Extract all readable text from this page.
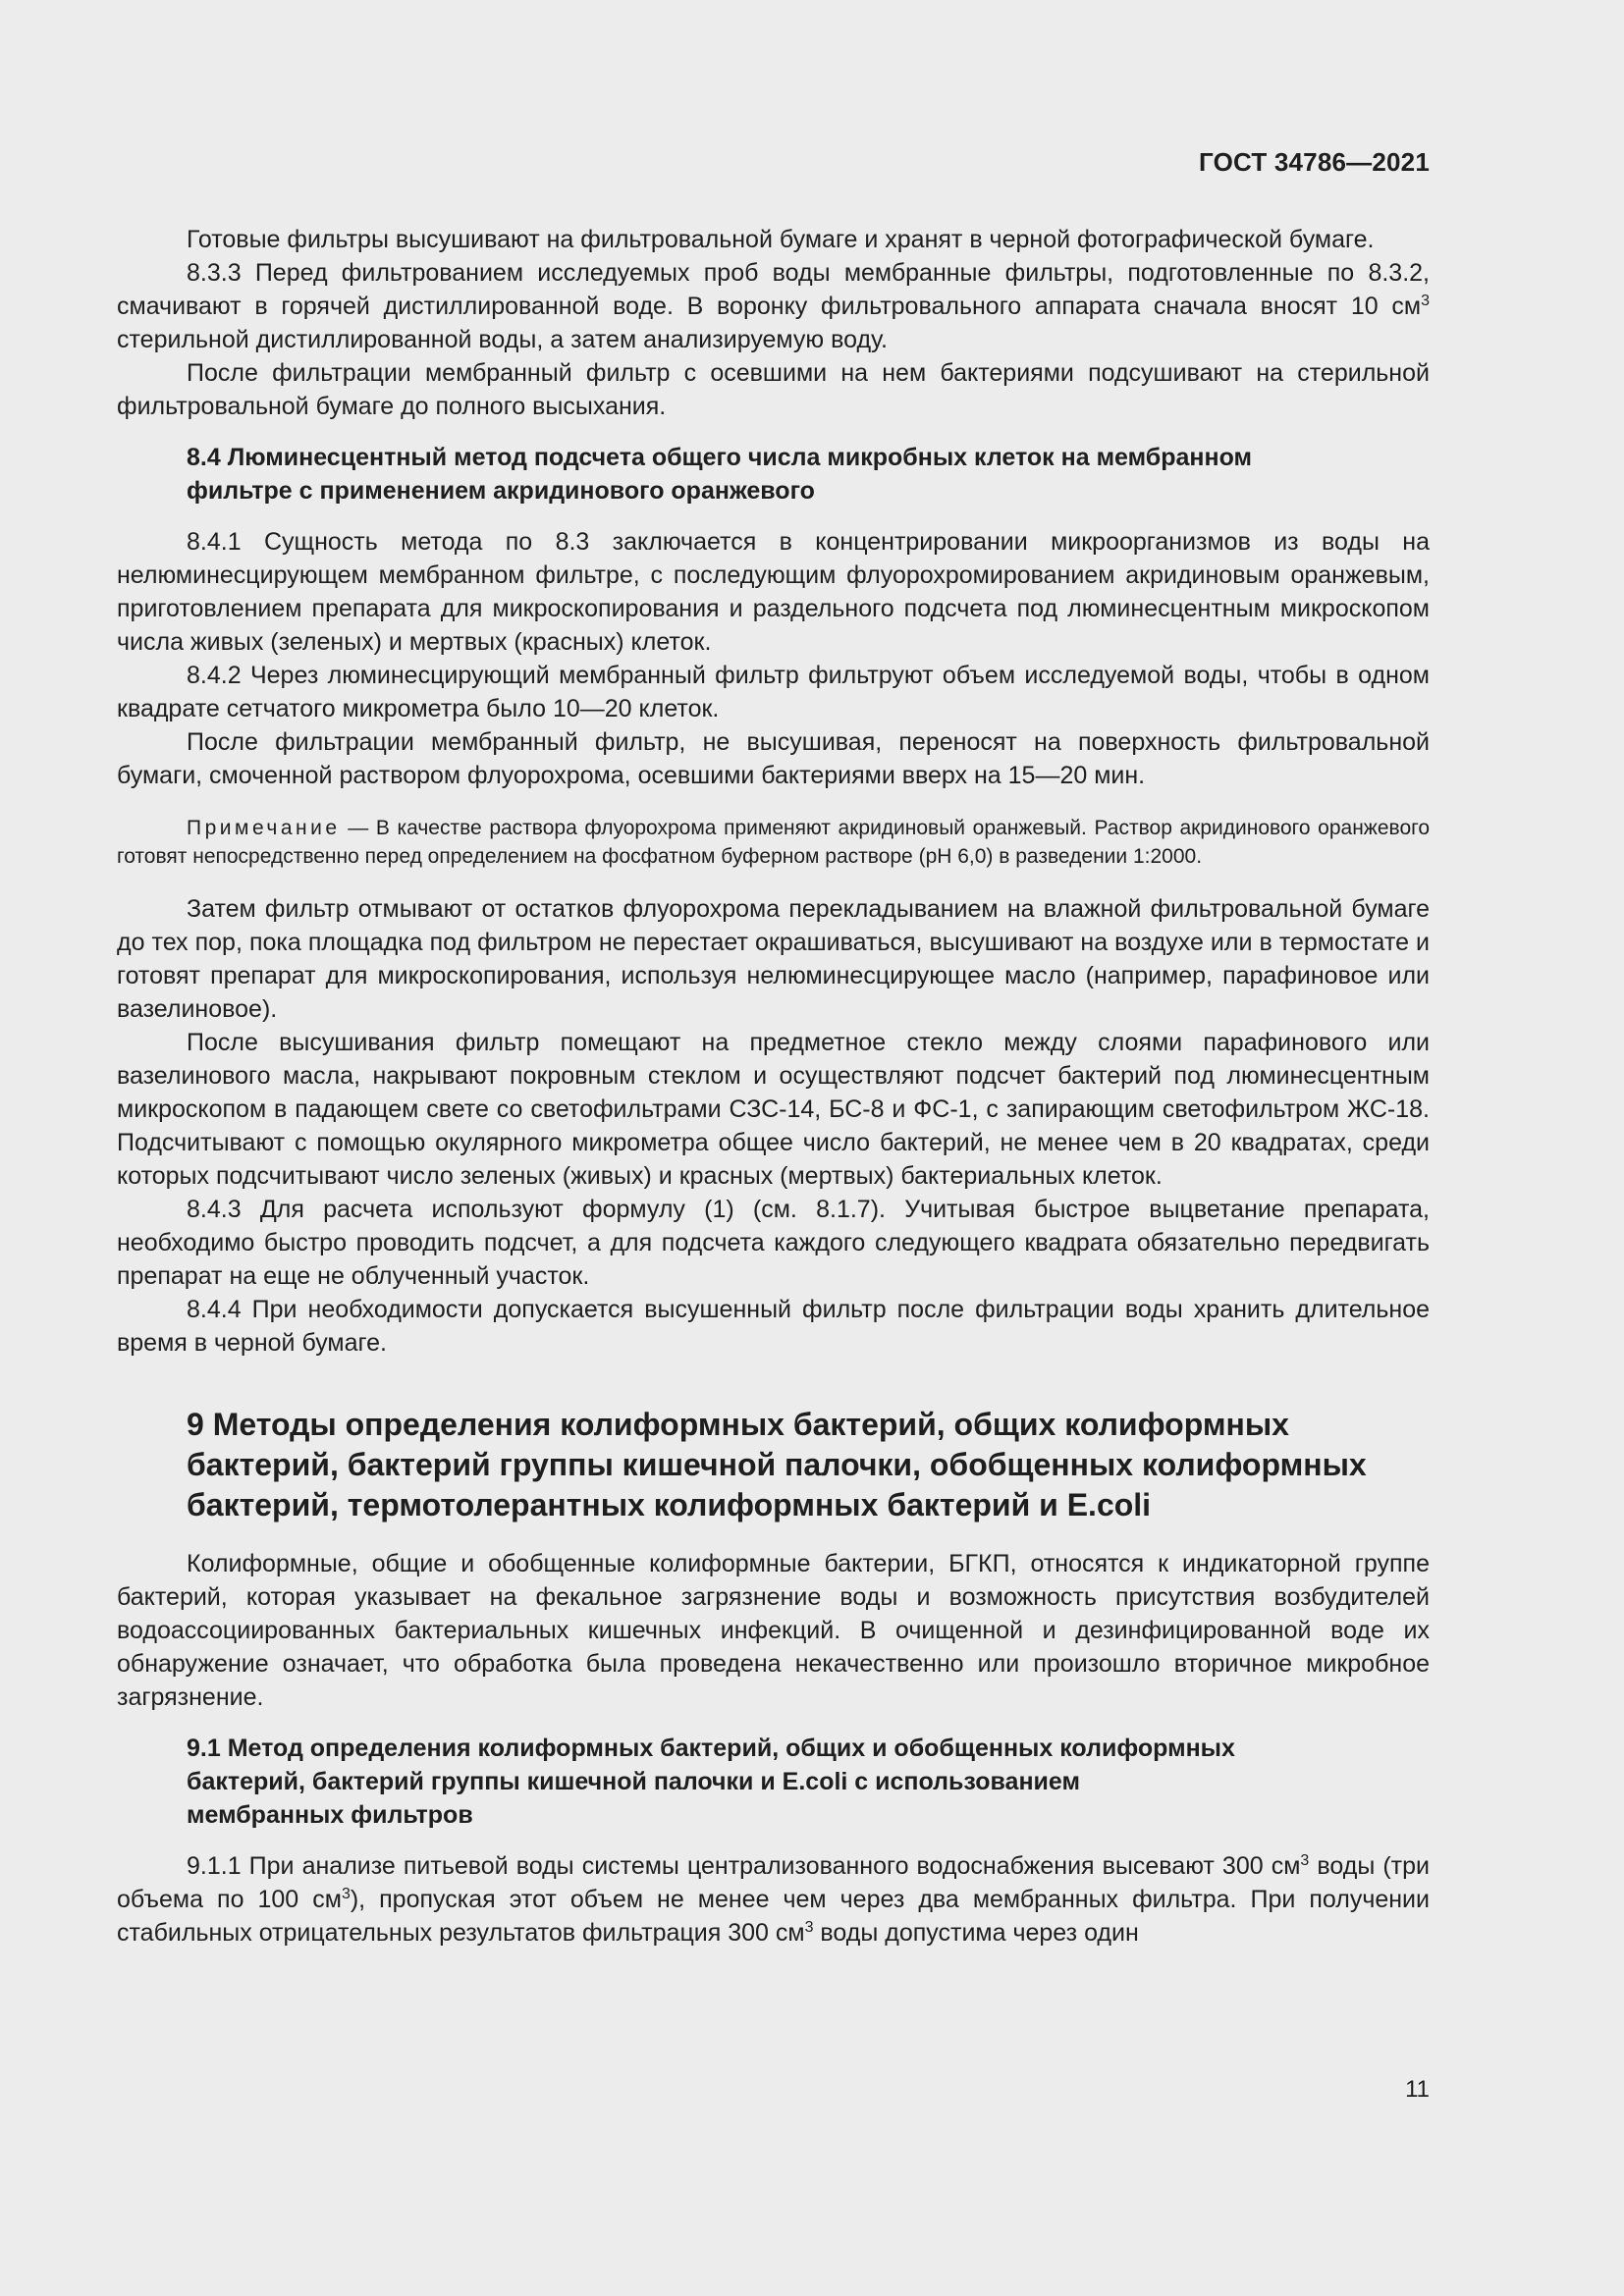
ГОСТ 34786—2021

Готовые фильтры высушивают на фильтровальной бумаге и хранят в черной фотографической бумаге.

8.3.3 Перед фильтрованием исследуемых проб воды мембранные фильтры, подготовленные по 8.3.2, смачивают в горячей дистиллированной воде. В воронку фильтровального аппарата сначала вносят 10 $см^3$ стерильной дистиллированной воды, а затем анализируемую воду.

После фильтрации мембранный фильтр с осевшими на нем бактериями подсушивают на стерильной фильтровальной бумаге до полного высыхания.

8.4 Люминесцентный метод подсчета общего числа микробных клеток на мембранном
фильтре с применением акридинового оранжевого

8.4.1 Сущность метода по 8.3 заключается в концентрировании микроорганизмов из воды на нелюминесцирующем мембранном фильтре, с последующим флуорохромированием акридиновым оранжевым, приготовлением препарата для микроскопирования и раздельного подсчета под люминесцентным микроскопом числа живых (зеленых) и мертвых (красных) клеток.

8.4.2 Через люминесцирующий мембранный фильтр фильтруют объем исследуемой воды, чтобы в одном квадрате сетчатого микрометра было 10—20 клеток.

После фильтрации мембранный фильтр, не высушивая, переносят на поверхность фильтровальной бумаги, смоченной раствором флуорохрома, осевшими бактериями вверх на 15—20 мин.

Примечание — В качестве раствора флуорохрома применяют акридиновый оранжевый. Раствор акридинового оранжевого готовят непосредственно перед определением на фосфатном буферном растворе (рН 6,0) в разведении 1:2000.

Затем фильтр отмывают от остатков флуорохрома перекладыванием на влажной фильтровальной бумаге до тех пор, пока площадка под фильтром не перестает окрашиваться, высушивают на воздухе или в термостате и готовят препарат для микроскопирования, используя нелюминесцирующее масло (например, парафиновое или вазелиновое).

После высушивания фильтр помещают на предметное стекло между слоями парафинового или вазелинового масла, накрывают покровным стеклом и осуществляют подсчет бактерий под люминесцентным микроскопом в падающем свете со светофильтрами СЗС-14, БС-8 и ФС-1, с запирающим светофильтром ЖС-18. Подсчитывают с помощью окулярного микрометра общее число бактерий, не менее чем в 20 квадратах, среди которых подсчитывают число зеленых (живых) и красных (мертвых) бактериальных клеток.

8.4.3 Для расчета используют формулу (1) (см. 8.1.7). Учитывая быстрое выцветание препарата, необходимо быстро проводить подсчет, а для подсчета каждого следующего квадрата обязательно передвигать препарат на еще не облученный участок.

8.4.4 При необходимости допускается высушенный фильтр после фильтрации воды хранить длительное время в черной бумаге.

9 Методы определения колиформных бактерий, общих колиформных
бактерий, бактерий группы кишечной палочки, обобщенных колиформных
бактерий, термотолерантных колиформных бактерий и E.coli

Колиформные, общие и обобщенные колиформные бактерии, БГКП, относятся к индикаторной группе бактерий, которая указывает на фекальное загрязнение воды и возможность присутствия возбудителей водоассоциированных бактериальных кишечных инфекций. В очищенной и дезинфицированной воде их обнаружение означает, что обработка была проведена некачественно или произошло вторичное микробное загрязнение.

9.1 Метод определения колиформных бактерий, общих и обобщенных колиформных
бактерий, бактерий группы кишечной палочки и E.coli с использованием
мембранных фильтров

9.1.1 При анализе питьевой воды системы централизованного водоснабжения высевают 300 $см^3$ воды (три объема по 100 $см^3$), пропуская этот объем не менее чем через два мембранных фильтра. При получении стабильных отрицательных результатов фильтрация 300 $см^3$ воды допустима через один

11
